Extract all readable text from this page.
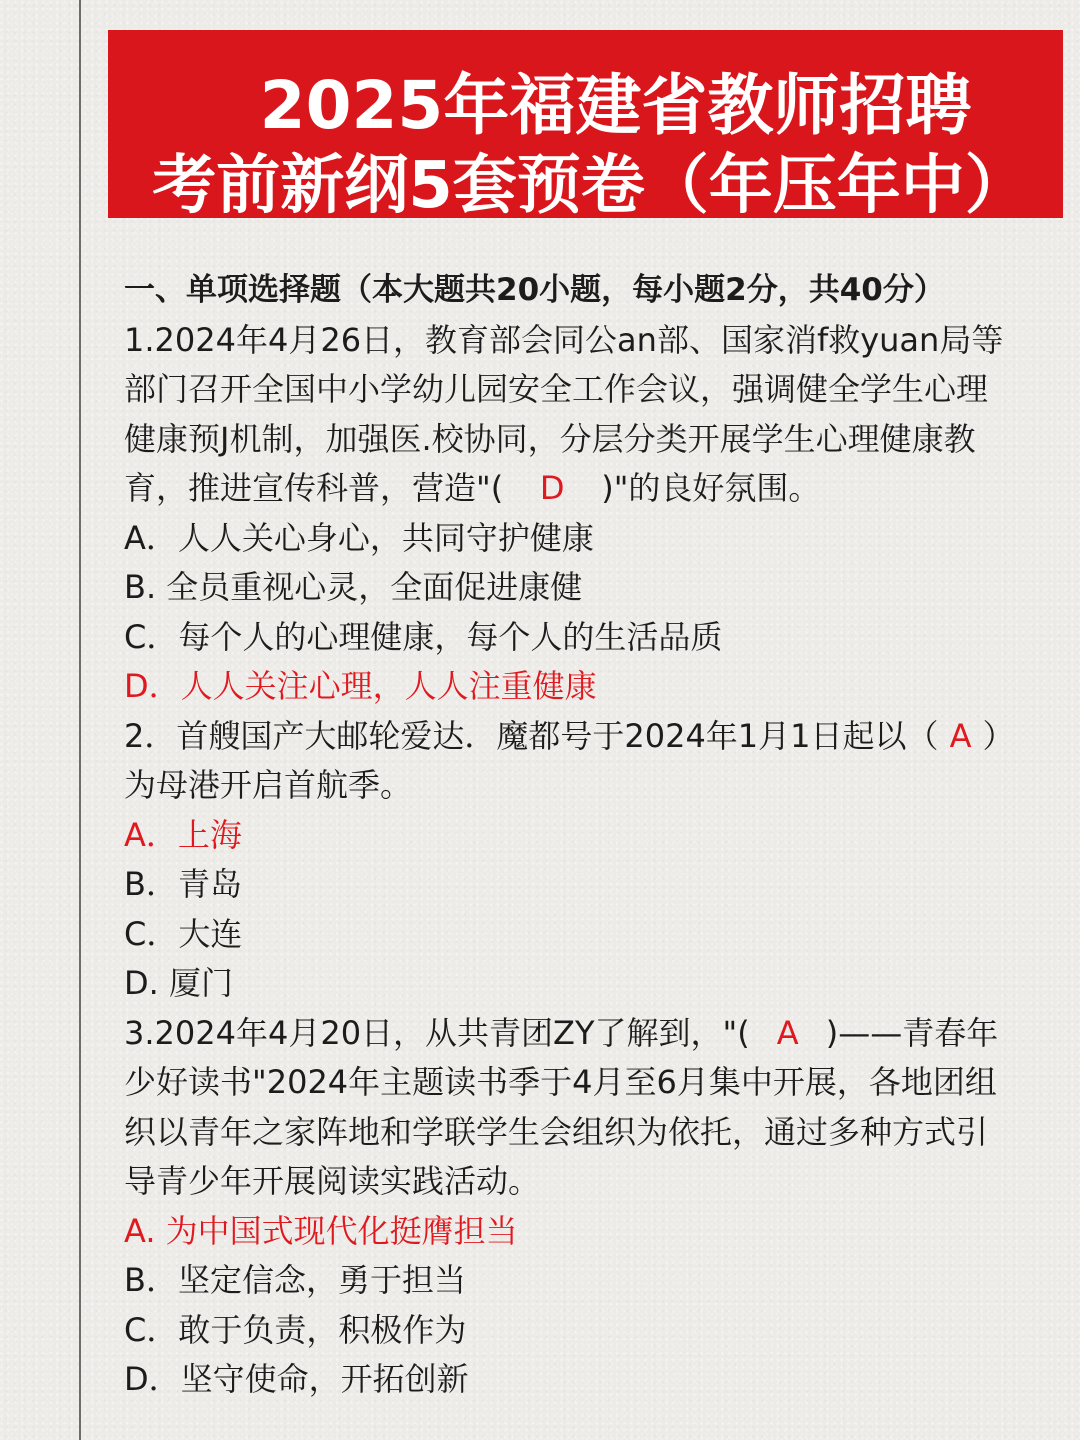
2025年福建省教师招聘
考前新纲5套预卷（年压年中）
一、单项选择题（本大题共20小题，每小题2分，共40分）
1.2024年4月26日，教育部会同公an部、国家消f救yuan局等
部门召开全国中小学幼儿园安全工作会议，强调健全学生心理
健康预J机制，加强医.校协同，分层分类开展学生心理健康教
育，推进宣传科普，营造"( D )"的良好氛围。
A．人人关心身心，共同守护健康
B. 全员重视心灵，全面促进康健
C．每个人的心理健康，每个人的生活品质
D．人人关注心理，人人注重健康
2．首艘国产大邮轮爱达．魔都号于2024年1月1日起以（ A ）
为母港开启首航季。
A．上海
B．青岛
C．大连
D. 厦门
3.2024年4月20日，从共青团ZY了解到，"( A )——青春年
少好读书"2024年主题读书季于4月至6月集中开展，各地团组
织以青年之家阵地和学联学生会组织为依托，通过多种方式引
导青少年开展阅读实践活动。
A. 为中国式现代化挺膺担当
B．坚定信念，勇于担当
C．敢于负责，积极作为
D．坚守使命，开拓创新
